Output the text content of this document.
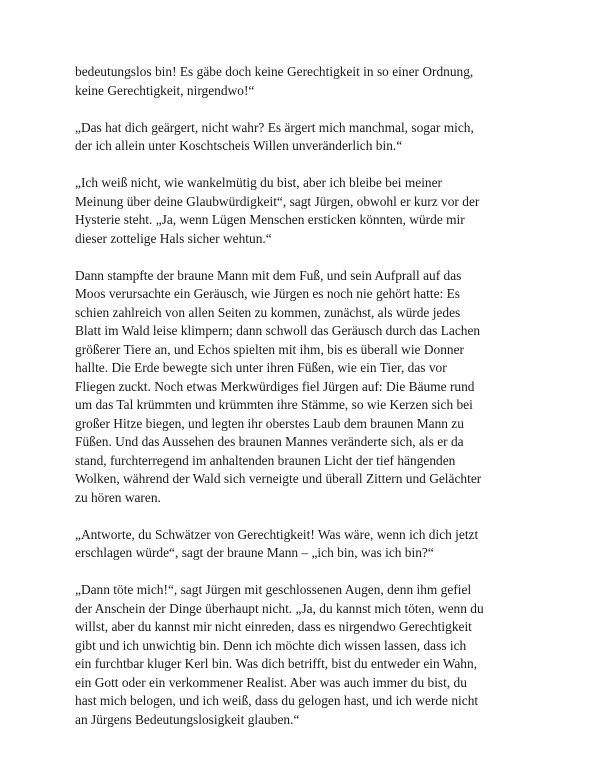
bedeutungslos bin! Es gäbe doch keine Gerechtigkeit in so einer Ordnung,
keine Gerechtigkeit, nirgendwo!“

„Das hat dich geärgert, nicht wahr? Es ärgert mich manchmal, sogar mich,
der ich allein unter Koschtscheis Willen unveränderlich bin.“

„Ich weiß nicht, wie wankelmütig du bist, aber ich bleibe bei meiner
Meinung über deine Glaubwürdigkeit“, sagt Jürgen, obwohl er kurz vor der
Hysterie steht. „Ja, wenn Lügen Menschen ersticken könnten, würde mir
dieser zottelige Hals sicher wehtun.“

Dann stampfte der braune Mann mit dem Fuß, und sein Aufprall auf das
Moos verursachte ein Geräusch, wie Jürgen es noch nie gehört hatte: Es
schien zahlreich von allen Seiten zu kommen, zunächst, als würde jedes
Blatt im Wald leise klimpern; dann schwoll das Geräusch durch das Lachen
größerer Tiere an, und Echos spielten mit ihm, bis es überall wie Donner
hallte. Die Erde bewegte sich unter ihren Füßen, wie ein Tier, das vor
Fliegen zuckt. Noch etwas Merkwürdiges fiel Jürgen auf: Die Bäume rund
um das Tal krümmten und krümmten ihre Stämme, so wie Kerzen sich bei
großer Hitze biegen, und legten ihr oberstes Laub dem braunen Mann zu
Füßen. Und das Aussehen des braunen Mannes veränderte sich, als er da
stand, furchterregend im anhaltenden braunen Licht der tief hängenden
Wolken, während der Wald sich verneigte und überall Zittern und Gelächter
zu hören waren.

„Antworte, du Schwätzer von Gerechtigkeit! Was wäre, wenn ich dich jetzt
erschlagen würde“, sagt der braune Mann – „ich bin, was ich bin?“

„Dann töte mich!“, sagt Jürgen mit geschlossenen Augen, denn ihm gefiel
der Anschein der Dinge überhaupt nicht. „Ja, du kannst mich töten, wenn du
willst, aber du kannst mir nicht einreden, dass es nirgendwo Gerechtigkeit
gibt und ich unwichtig bin. Denn ich möchte dich wissen lassen, dass ich
ein furchtbar kluger Kerl bin. Was dich betrifft, bist du entweder ein Wahn,
ein Gott oder ein verkommener Realist. Aber was auch immer du bist, du
hast mich belogen, und ich weiß, dass du gelogen hast, und ich werde nicht
an Jürgens Bedeutungslosigkeit glauben.“
